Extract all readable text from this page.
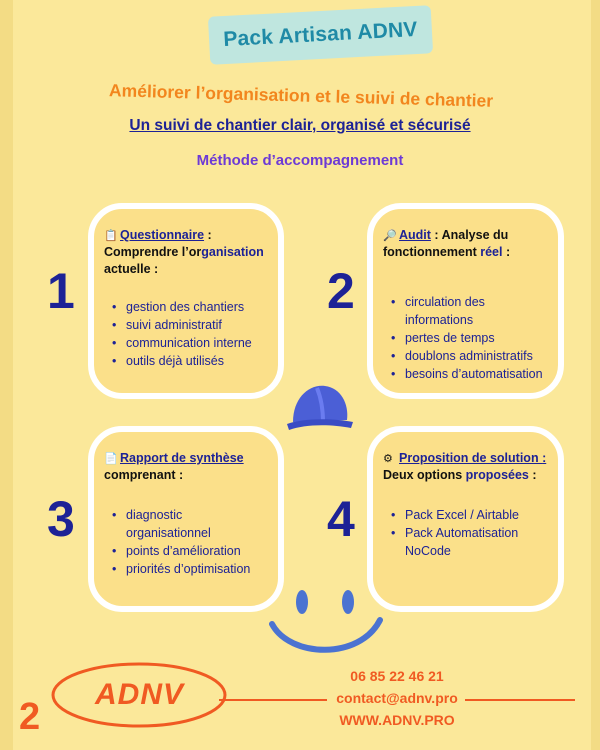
Pack Artisan ADNV
Améliorer l’organisation et le suivi de chantier
Un suivi de chantier clair, organisé et sécurisé
Méthode d’accompagnement
1	2
3	4
📋 Questionnaire :
Comprendre l’organisation
actuelle :
• gestion des chantiers
• suivi administratif
• communication interne
• outils déjà utilisés
🔎 Audit : Analyse du
fonctionnement réel :
• circulation des informations
• pertes de temps
• doublons administratifs
• besoins d’automatisation
📄 Rapport de synthèse
comprenant :
• diagnostic organisationnel
• points d’amélioration
• priorités d’optimisation
⚙ Proposition de solution :
Deux options proposées :
• Pack Excel / Airtable
• Pack Automatisation NoCode
ADNV
2
06 85 22 46 21
contact@adnv.pro
WWW.ADNV.PRO
